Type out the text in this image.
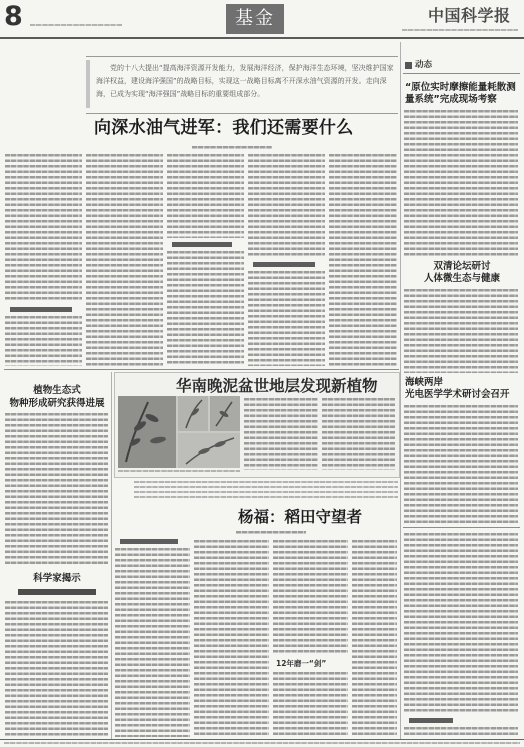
8	基金	中国科学报
党的十八大提出“提高海洋资源开发能力，发展海洋经济，保护海洋生态环境，坚决维护国家海洋权益，建设海洋强国”的战略目标，实现这一战略目标离不开深水油气资源的开发。走向深海，已成为实现“海洋强国”战略目标的重要组成部分。
向深水油气进军：我们还需要什么
动态
“原位实时摩擦能量耗散测量系统”完成现场考察
双清论坛研讨
人体微生态与健康
海峡两岸
光电医学学术研讨会召开
植物生态式
物种形成研究获得进展
科学家揭示
华南晚泥盆世地层发现新植物
杨福：稻田守望者
12年磨一“剑”
